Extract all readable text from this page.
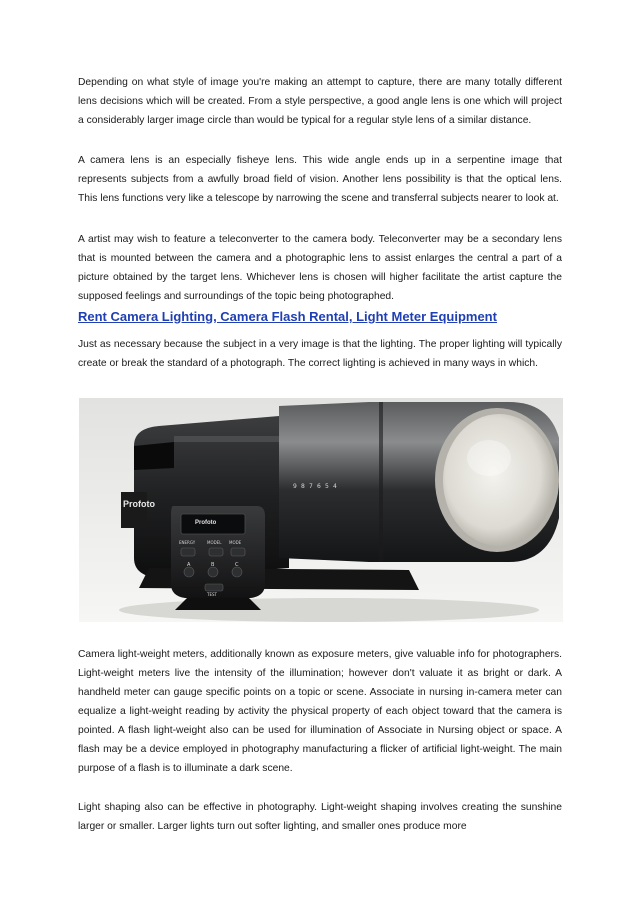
Depending on what style of image you're making an attempt to capture, there are many totally different lens decisions which will be created. From a style perspective, a good angle lens is one which will project a considerably larger image circle than would be typical for a regular style lens of a similar distance.

A camera lens is an especially fisheye lens. This wide angle ends up in a serpentine image that represents subjects from a awfully broad field of vision. Another lens possibility is that the optical lens. This lens functions very like a telescope by narrowing the scene and transferral subjects nearer to look at.

A artist may wish to feature a teleconverter to the camera body. Teleconverter may be a secondary lens that is mounted between the camera and a photographic lens to assist enlarges the central a part of a picture obtained by the target lens. Whichever lens is chosen will higher facilitate the artist capture the supposed feelings and surroundings of the topic being photographed.

Rent Camera Lighting, Camera Flash Rental, Light Meter Equipment

Just as necessary because the subject in a very image is that the lighting. The proper lighting will typically create or break the standard of a photograph. The correct lighting is achieved in many ways in which.

9 8 7 6 5 4
Profoto
Profoto
ENERGY	MODEL MODE
A	B	C
TEST

Camera light-weight meters, additionally known as exposure meters, give valuable info for photographers. Light-weight meters live the intensity of the illumination; however don't valuate it as bright or dark. A handheld meter can gauge specific points on a topic or scene. Associate in nursing in-camera meter can equalize a light-weight reading by activity the physical property of each object toward that the camera is pointed. A flash light-weight also can be used for illumination of Associate in Nursing object or space. A flash may be a device employed in photography manufacturing a flicker of artificial light-weight. The main purpose of a flash is to illuminate a dark scene.

Light shaping also can be effective in photography. Light-weight shaping involves creating the sunshine larger or smaller. Larger lights turn out softer lighting, and smaller ones produce more
